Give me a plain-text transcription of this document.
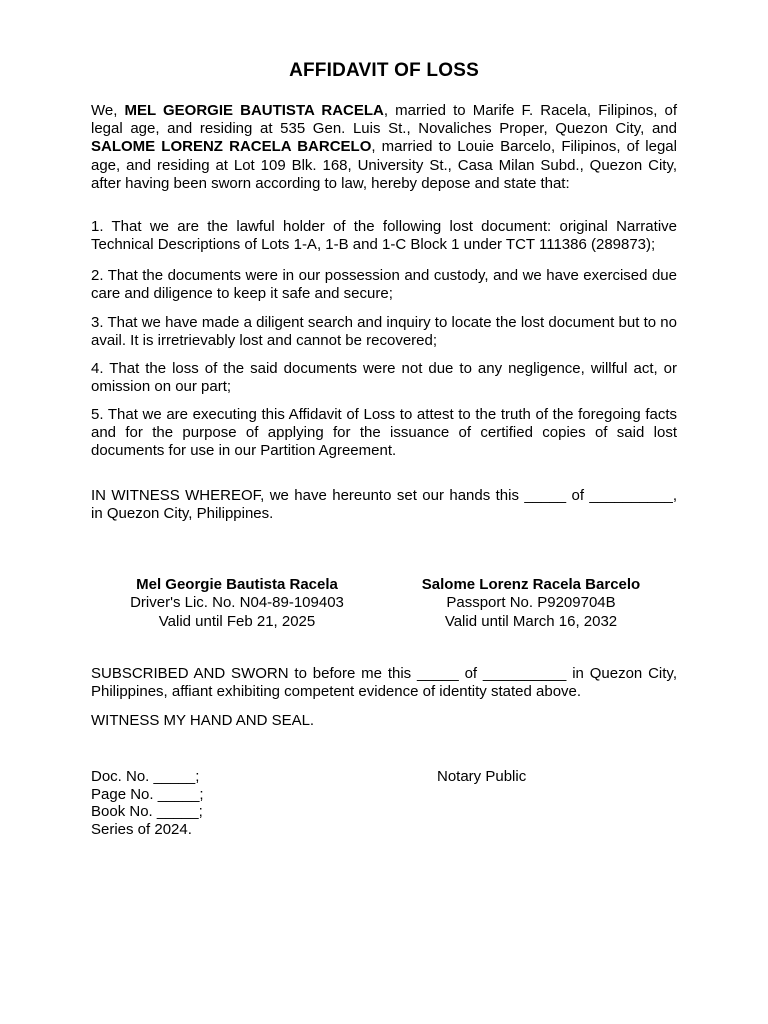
AFFIDAVIT OF LOSS
We, MEL GEORGIE BAUTISTA RACELA, married to Marife F. Racela, Filipinos, of legal age, and residing at 535 Gen. Luis St., Novaliches Proper, Quezon City, and SALOME LORENZ RACELA BARCELO, married to Louie Barcelo, Filipinos, of legal age, and residing at Lot 109 Blk. 168, University St., Casa Milan Subd., Quezon City, after having been sworn according to law, hereby depose and state that:
1. That we are the lawful holder of the following lost document: original Narrative Technical Descriptions of Lots 1-A, 1-B and 1-C Block 1 under TCT 111386 (289873);
2. That the documents were in our possession and custody, and we have exercised due care and diligence to keep it safe and secure;
3. That we have made a diligent search and inquiry to locate the lost document but to no avail. It is irretrievably lost and cannot be recovered;
4. That the loss of the said documents were not due to any negligence, willful act, or omission on our part;
5. That we are executing this Affidavit of Loss to attest to the truth of the foregoing facts and for the purpose of applying for the issuance of certified copies of said lost documents for use in our Partition Agreement.
IN WITNESS WHEREOF, we have hereunto set our hands this _____ of __________, in Quezon City, Philippines.
Mel Georgie Bautista Racela
Driver's Lic. No. N04-89-109403
Valid until Feb 21, 2025
Salome Lorenz Racela Barcelo
Passport No. P9209704B
Valid until March 16, 2032
SUBSCRIBED AND SWORN to before me this _____ of __________ in Quezon City, Philippines, affiant exhibiting competent evidence of identity stated above.
WITNESS MY HAND AND SEAL.
Doc. No. _____;
Page No. _____;
Book No. _____;
Series of 2024.
Notary Public
